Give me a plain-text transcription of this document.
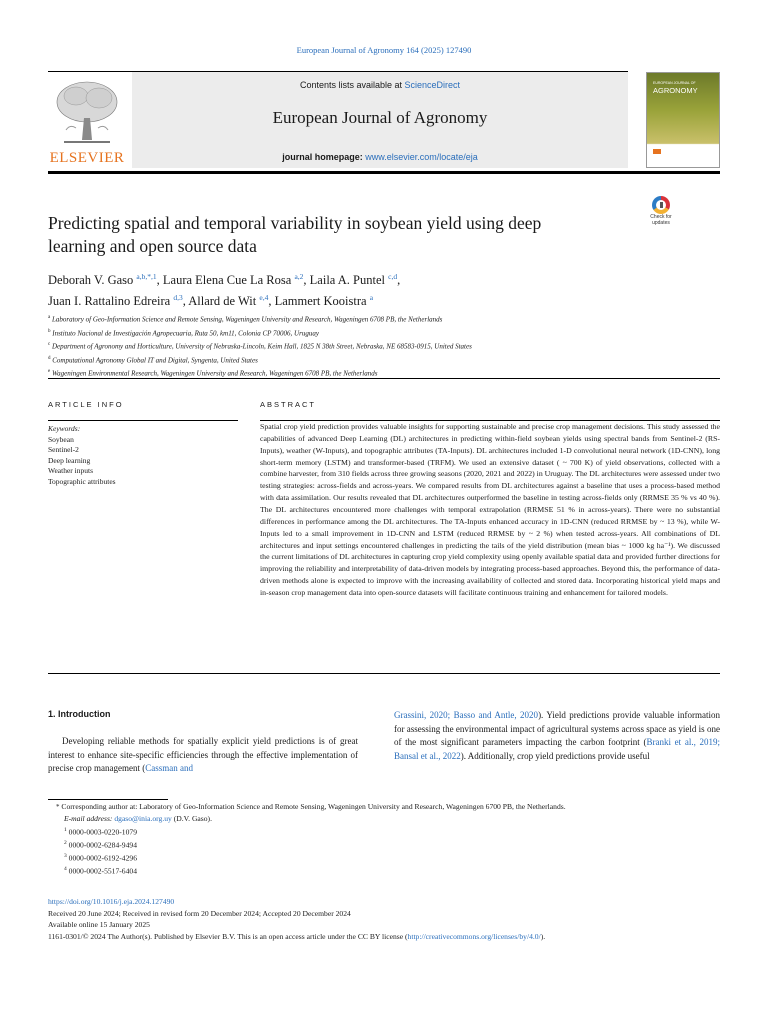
European Journal of Agronomy 164 (2025) 127490
ELSEVIER
Contents lists available at ScienceDirect
European Journal of Agronomy
journal homepage: www.elsevier.com/locate/eja
EUROPEAN JOURNAL OF
AGRONOMY
Predicting spatial and temporal variability in soybean yield using deep
learning and open source data
Check for
updates
Deborah V. Gaso $^{a,b,*,1}$, Laura Elena Cue La Rosa $^{a,2}$, Laila A. Puntel $^{c,d}$,
Juan I. Rattalino Edreira $^{d,3}$, Allard de Wit $^{e,4}$, Lammert Kooistra $^a$
$^a$ Laboratory of Geo-Information Science and Remote Sensing, Wageningen University and Research, Wageningen 6708 PB, the Netherlands
$^b$ Instituto Nacional de Investigación Agropecuaria, Ruta 50, km11, Colonia CP 70006, Uruguay
$^c$ Department of Agronomy and Horticulture, University of Nebraska-Lincoln, Keim Hall, 1825 N 38th Street, Nebraska, NE 68583-0915, United States
$^d$ Computational Agronomy Global IT and Digital, Syngenta, United States
$^e$ Wageningen Environmental Research, Wageningen University and Research, Wageningen 6708 PB, the Netherlands
ARTICLE INFO	ABSTRACT
Keywords:
Soybean
Sentinel-2
Deep learning
Weather inputs
Topographic attributes
Spatial crop yield prediction provides valuable insights for supporting sustainable and precise crop management decisions. This study assessed the capabilities of advanced Deep Learning (DL) architectures in predicting within-field soybean yields using spectral bands from Sentinel-2 (RS-Inputs), weather (W-Inputs), and topographic attributes (TA-Inputs). DL architectures included 1-D convolutional neural network (1D-CNN), long short-term memory (LSTM) and transformer-based (TRFM). We used an extensive dataset ( ~ 700 K) of yield observations, collected with a combine harvester, from 310 fields across three growing seasons (2020, 2021 and 2022) in Uruguay. The DL architectures were assessed under two testing strategies: across-fields and across-years. We compared results from DL architectures against a baseline that uses a process-based method with data assimilation. Our results revealed that DL architectures outperformed the baseline in testing across-fields only (RRMSE 35 % vs 40 %). The DL architectures encountered more challenges with temporal extrapolation (RRMSE 51 % in across-years). There were no substantial differences in performance among the DL architectures. The TA-Inputs enhanced accuracy in 1D-CNN (reduced RRMSE by ~ 13 %), while W-Inputs led to a small improvement in 1D-CNN and LSTM (reduced RRMSE by ~ 2 %) when tested across-years. All combinations of DL architectures and input settings encountered challenges in predicting the tails of the yield distribution (mean bias ~ 1000 kg ha⁻¹). We discussed the current limitations of DL architectures in capturing crop yield complexity using openly available spatial data and provided further directions for improving the reliability and interpretability of data-driven models by integrating process-based approaches. Beyond this, the performance of data-driven methods alone is expected to improve with the increasing availability of collected and stored data. Incorporating historical yield maps and in-season crop management data into open-source datasets will facilitate continuous training and enhancement for tailored models.
1. Introduction
Developing reliable methods for spatially explicit yield predictions is of great interest to enhance site-specific efficiencies through the effective implementation of precise crop management (Cassman and
Grassini, 2020; Basso and Antle, 2020). Yield predictions provide valuable information for assessing the environmental impact of agricultural systems across space as yield is one of the most significant parameters impacting the carbon footprint (Branki et al., 2019; Bansal et al., 2022). Additionally, crop yield predictions provide useful
* Corresponding author at: Laboratory of Geo-Information Science and Remote Sensing, Wageningen University and Research, Wageningen 6700 PB, the Netherlands.
E-mail address: dgaso@inia.org.uy (D.V. Gaso).
$^1$ 0000-0003-0220-1079
$^2$ 0000-0002-6284-9494
$^3$ 0000-0002-6192-4296
$^4$ 0000-0002-5517-6404
https://doi.org/10.1016/j.eja.2024.127490
Received 20 June 2024; Received in revised form 20 December 2024; Accepted 20 December 2024
Available online 15 January 2025
1161-0301/© 2024 The Author(s). Published by Elsevier B.V. This is an open access article under the CC BY license (http://creativecommons.org/licenses/by/4.0/).
